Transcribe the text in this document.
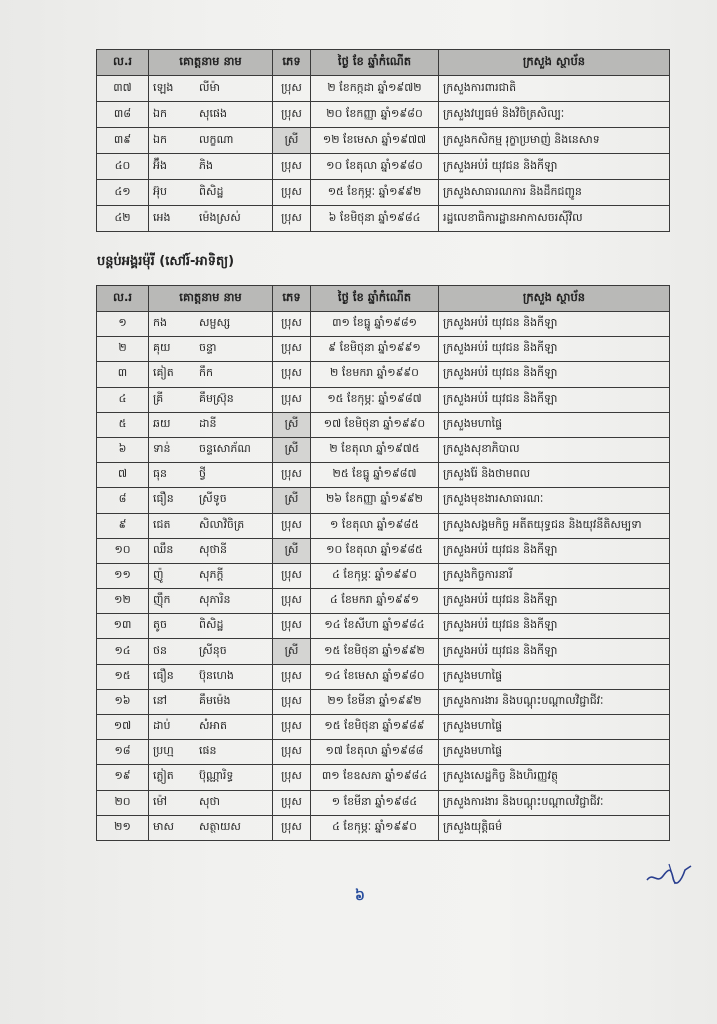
ល.រ	គោត្តនាម នាម	ភេទ	ថ្ងៃ ខែ ឆ្នាំកំណើត	ក្រសួង ស្ថាប័ន
៣៧	ឡេង លីម៉ា	ប្រុស	២ ខែកក្កដា ឆ្នាំ១៩៧២	ក្រសួងការពារជាតិ
៣៨	ឯក សុផេង	ប្រុស	២០ ខែកញ្ញា ឆ្នាំ១៩៨០	ក្រសួងវប្បធម៌ និងវិចិត្រសិល្បៈ
៣៩	ឯក លក្ខណា	ស្រី	១២ ខែមេសា ឆ្នាំ១៩៧៧	ក្រសួងកសិកម្ម រុក្ខាប្រមាញ់ និងនេសាទ
៤០	អ៊ឹង ភិង	ប្រុស	១០ ខែតុលា ឆ្នាំ១៩៨០	ក្រសួងអប់រំ យុវជន និងកីឡា
៤១	អ៊ុប ពិសិដ្ឋ	ប្រុស	១៥ ខែកុម្ភៈ ឆ្នាំ១៩៩២	ក្រសួងសាធារណការ និងដឹកជញ្ជូន
៤២	អេង ម៉េងស្រស់	ប្រុស	៦ ខែមិថុនា ឆ្នាំ១៩៨៤	រដ្ឋលេខាធិការដ្ឋានអាកាសចរស៊ីវិល
បន្តប់អង្គរម៉ុរី (សៅរ៍-អាទិត្យ)
ល.រ	គោត្តនាម នាម	ភេទ	ថ្ងៃ ខែ ឆ្នាំកំណើត	ក្រសួង ស្ថាប័ន
១	កង សម្ផស្ស	ប្រុស	៣១ ខែធ្នូ ឆ្នាំ១៩៨១	ក្រសួងអប់រំ យុវជន និងកីឡា
២	គុយ ចន្ទា	ប្រុស	៩ ខែមិថុនា ឆ្នាំ១៩៩១	ក្រសួងអប់រំ យុវជន និងកីឡា
៣	គៀត កឹក	ប្រុស	២ ខែមករា ឆ្នាំ១៩៩០	ក្រសួងអប់រំ យុវជន និងកីឡា
៤	គ្រី គឹមស្រ៊ុន	ប្រុស	១៥ ខែកុម្ភៈ ឆ្នាំ១៩៨៧	ក្រសួងអប់រំ យុវជន និងកីឡា
៥	ឆយ ដានី	ស្រី	១៧ ខែមិថុនា ឆ្នាំ១៩៩០	ក្រសួងមហាផ្ទៃ
៦	ទាន់ ចន្ទសោភ័ណ	ស្រី	២ ខែតុលា ឆ្នាំ១៩៧៥	ក្រសួងសុខាភិបាល
៧	ធុន ថ្វី	ប្រុស	២៥ ខែធ្នូ ឆ្នាំ១៩៨៧	ក្រសួងរ៉ែ និងថាមពល
៨	ធឿន ស្រីទូច	ស្រី	២៦ ខែកញ្ញា ឆ្នាំ១៩៩២	ក្រសួងមុខងារសាធារណៈ
៩	ជេត សិលាវិចិត្រ	ប្រុស	១ ខែតុលា ឆ្នាំ១៩៨៥	ក្រសួងសង្គមកិច្ច អតីតយុទ្ធជន និងយុវនីតិសម្បទា
១០	ឈឹន សុថានី	ស្រី	១០ ខែតុលា ឆ្នាំ១៩៨៥	ក្រសួងអប់រំ យុវជន និងកីឡា
១១	ញ៉ូ សុភក្តី	ប្រុស	៤ ខែកុម្ភៈ ឆ្នាំ១៩៩០	ក្រសួងកិច្ចការនារី
១២	ញ៉ឹក សុភារិន	ប្រុស	៤ ខែមករា ឆ្នាំ១៩៩១	ក្រសួងអប់រំ យុវជន និងកីឡា
១៣	តូច ពិសិដ្ឋ	ប្រុស	១៤ ខែសីហា ឆ្នាំ១៩៨៤	ក្រសួងអប់រំ យុវជន និងកីឡា
១៤	ថន ស្រីនុច	ស្រី	១៥ ខែមិថុនា ឆ្នាំ១៩៩២	ក្រសួងអប់រំ យុវជន និងកីឡា
១៥	ធឿន ប៊ុនហេង	ប្រុស	១៤ ខែមេសា ឆ្នាំ១៩៨០	ក្រសួងមហាផ្ទៃ
១៦	នៅ គឹមម៉េង	ប្រុស	២១ ខែមីនា ឆ្នាំ១៩៩២	ក្រសួងការងារ និងបណ្តុះបណ្តាលវិជ្ជាជីវៈ
១៧	ដាប់ សំអាត	ប្រុស	១៥ ខែមិថុនា ឆ្នាំ១៩៨៩	ក្រសួងមហាផ្ទៃ
១៨	ប្រហ្ម ផេន	ប្រុស	១៧ ខែតុលា ឆ្នាំ១៩៨៨	ក្រសួងមហាផ្ទៃ
១៩	ភ្លៀត ប៊ុណ្ណារិទ្ធ	ប្រុស	៣១ ខែឧសភា ឆ្នាំ១៩៨៤	ក្រសួងសេដ្ឋកិច្ច និងហិរញ្ញវត្ថុ
២០	ម៉ៅ សុថា	ប្រុស	១ ខែមីនា ឆ្នាំ១៩៨៤	ក្រសួងការងារ និងបណ្តុះបណ្តាលវិជ្ជាជីវៈ
២១	មាស សត្ថាយស	ប្រុស	៤ ខែកុម្ភៈ ឆ្នាំ១៩៩០	ក្រសួងយុត្តិធម៌
៦
